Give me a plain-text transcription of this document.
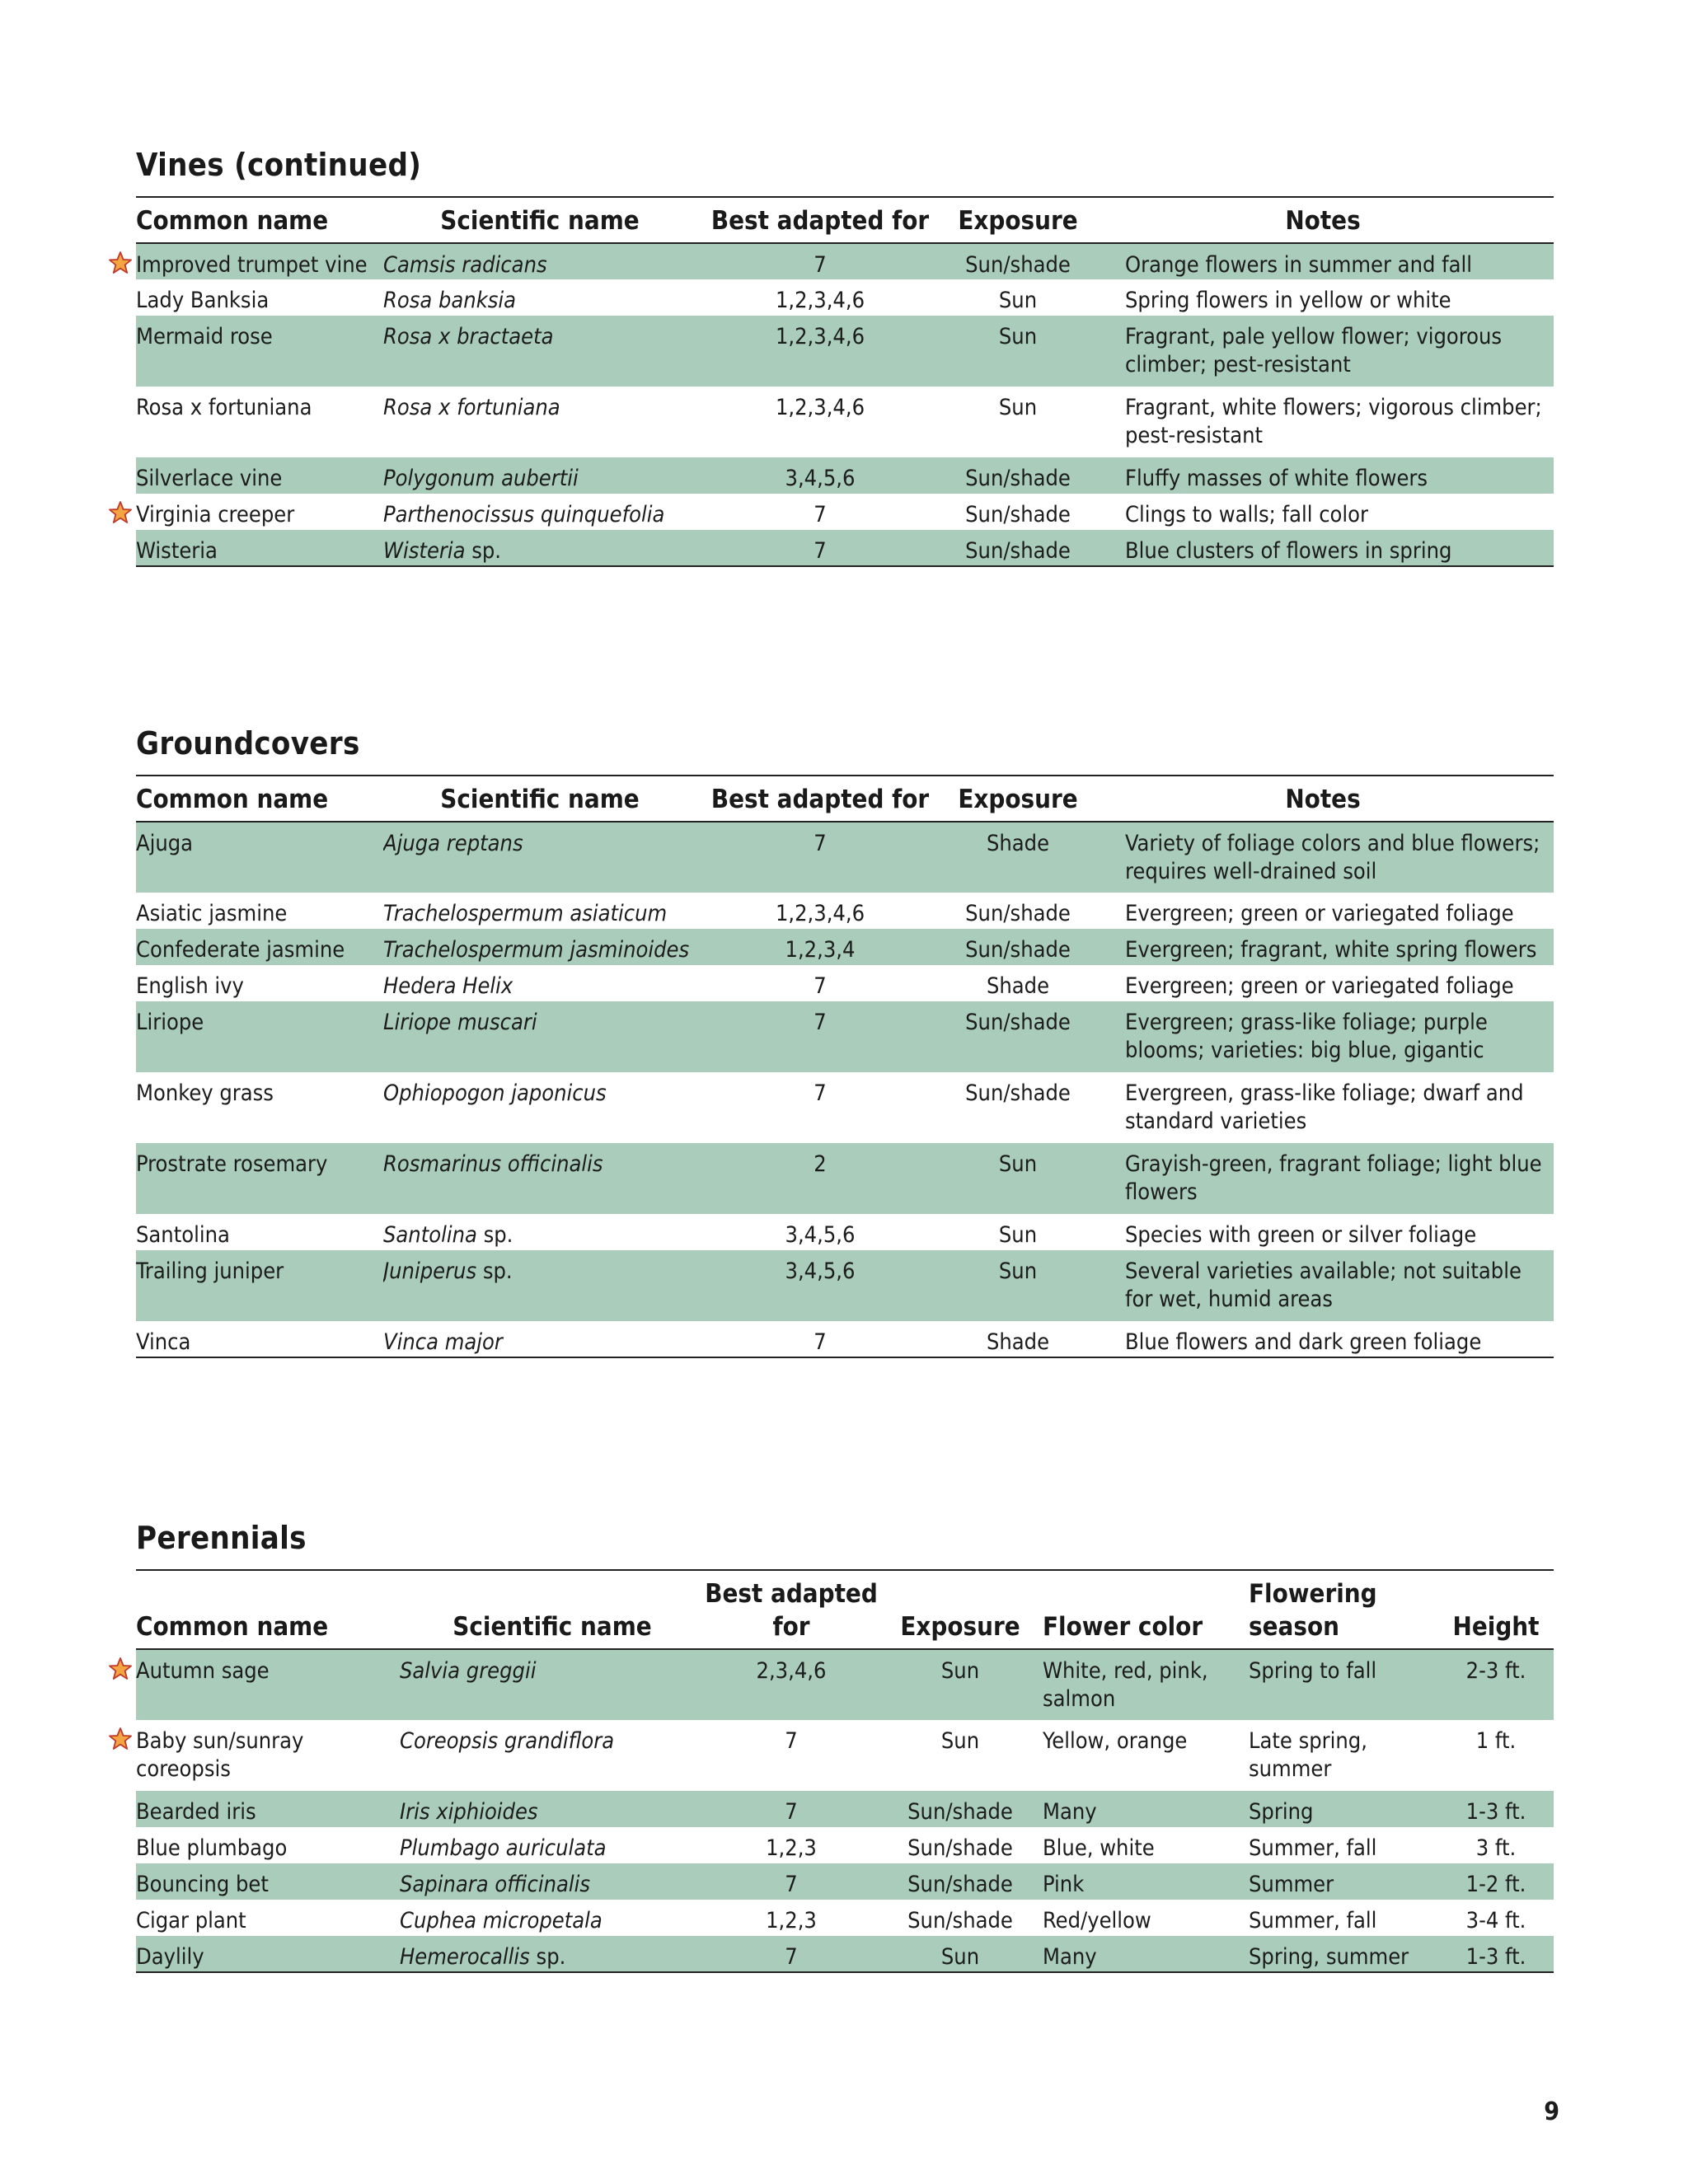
Vines (continued)
Common name	Scientific name	Best adapted for	Exposure	Notes

Improved trumpet vine	Camsis radicans	7	Sun/shade	Orange flowers in summer and fall
Lady Banksia	Rosa banksia	1,2,3,4,6	Sun	Spring flowers in yellow or white
Mermaid rose	Rosa x bractaeta	1,2,3,4,6	Sun	Fragrant, pale yellow flower; vigorous climber; pest-resistant
Rosa x fortuniana	Rosa x fortuniana	1,2,3,4,6	Sun	Fragrant, white flowers; vigorous climber; pest-resistant
Silverlace vine	Polygonum aubertii	3,4,5,6	Sun/shade	Fluffy masses of white flowers

Virginia creeper	Parthenocissus quinquefolia	7	Sun/shade	Clings to walls; fall color
Wisteria	Wisteria sp.	7	Sun/shade	Blue clusters of flowers in spring
Groundcovers
Common name	Scientific name	Best adapted for	Exposure	Notes
Ajuga	Ajuga reptans	7	Shade	Variety of foliage colors and blue flowers; requires well-drained soil
Asiatic jasmine	Trachelospermum asiaticum	1,2,3,4,6	Sun/shade	Evergreen; green or variegated foliage
Confederate jasmine	Trachelospermum jasminoides	1,2,3,4	Sun/shade	Evergreen; fragrant, white spring flowers
English ivy	Hedera Helix	7	Shade	Evergreen; green or variegated foliage
Liriope	Liriope muscari	7	Sun/shade	Evergreen; grass-like foliage; purple blooms; varieties: big blue, gigantic
Monkey grass	Ophiopogon japonicus	7	Sun/shade	Evergreen, grass-like foliage; dwarf and standard varieties
Prostrate rosemary	Rosmarinus officinalis	2	Sun	Grayish-green, fragrant foliage; light blue flowers
Santolina	Santolina sp.	3,4,5,6	Sun	Species with green or silver foliage
Trailing juniper	Juniperus sp.	3,4,5,6	Sun	Several varieties available; not suitable for wet, humid areas
Vinca	Vinca major	7	Shade	Blue flowers and dark green foliage
Perennials
Common name	Scientific name	Best adapted for	Exposure	Flower color	Flowering season	Height

Autumn sage	Salvia greggii	2,3,4,6	Sun	White, red, pink, salmon	Spring to fall	2-3 ft.

Baby sun/sunray coreopsis	Coreopsis grandiflora	7	Sun	Yellow, orange	Late spring, summer	1 ft.
Bearded iris	Iris xiphioides	7	Sun/shade	Many	Spring	1-3 ft.
Blue plumbago	Plumbago auriculata	1,2,3	Sun/shade	Blue, white	Summer, fall	3 ft.
Bouncing bet	Sapinara officinalis	7	Sun/shade	Pink	Summer	1-2 ft.
Cigar plant	Cuphea micropetala	1,2,3	Sun/shade	Red/yellow	Summer, fall	3-4 ft.
Daylily	Hemerocallis sp.	7	Sun	Many	Spring, summer	1-3 ft.
9
